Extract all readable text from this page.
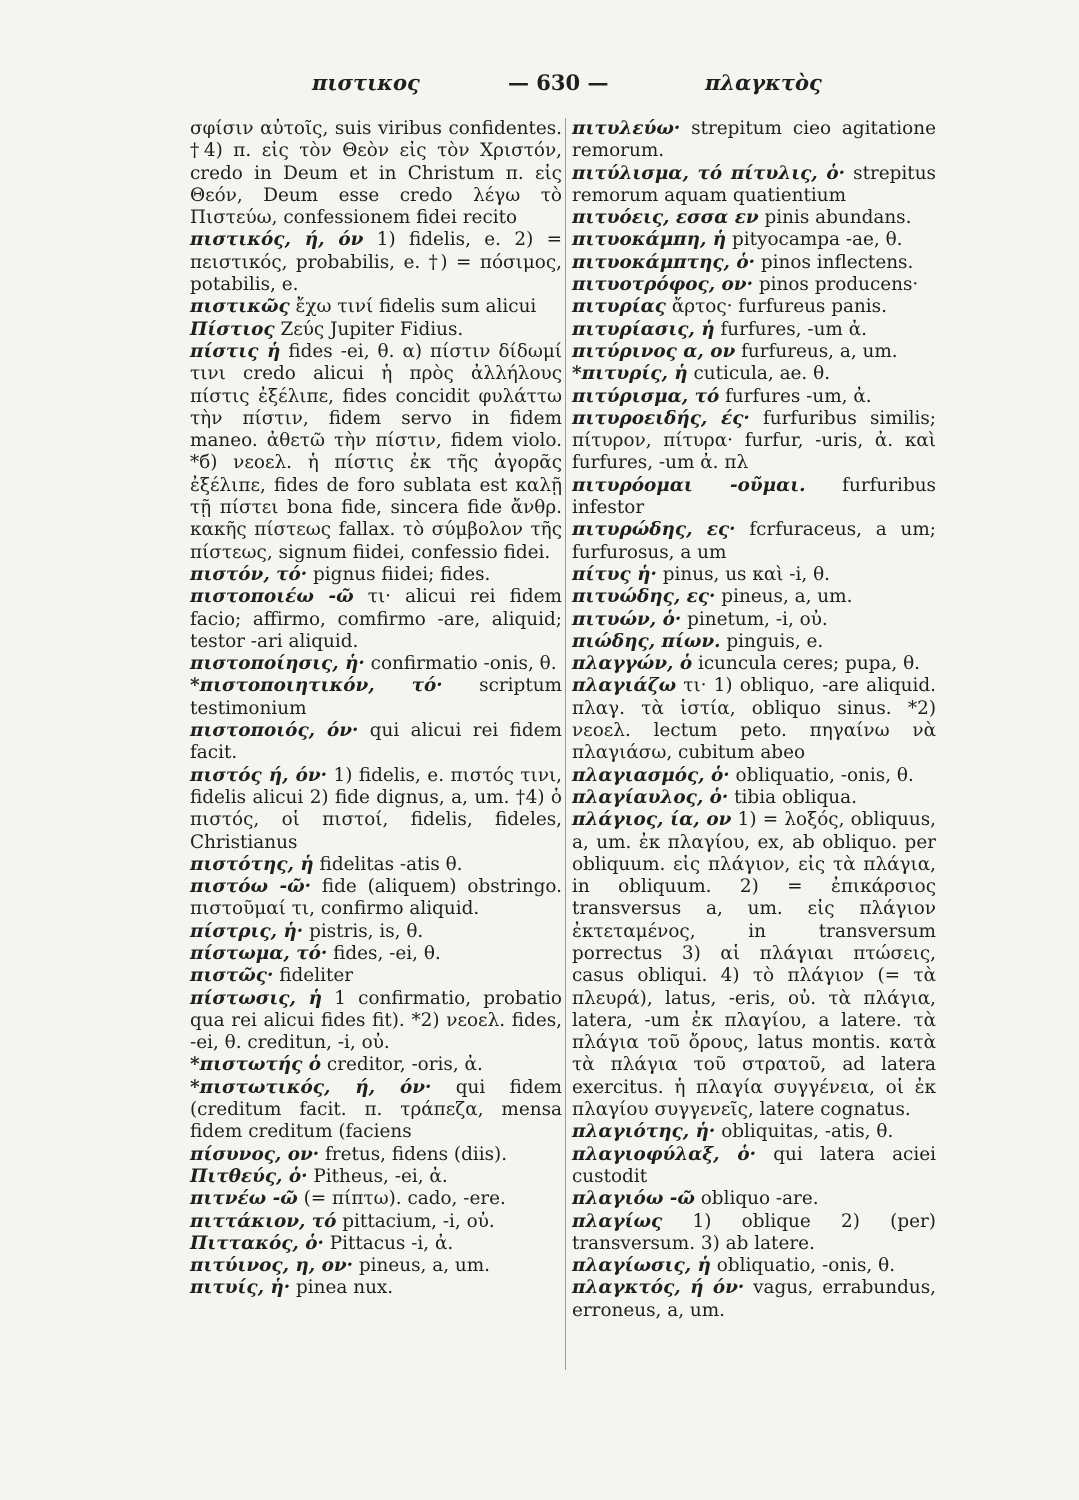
πιστικος	— 630 —	πλαγκτὸς

σφίσιν αὐτοῖς, suis viribus confidentes. †4) π. εἰς τὸν Θεὸν εἰς τὸν Χριστόν, credo in Deum et in Christum π. εἰς Θεόν, Deum esse credo λέγω τὸ Πιστεύω, confessionem fidei recito

πιστικός, ή, όν 1) fidelis, e. 2) = πειστικός, probabilis, e. †) = πόσιμος, potabilis, e.

πιστικῶς ἔχω τινί fidelis sum alicui

Πίστιος Ζεύς Jupiter Fidius.

πίστις ἡ fides -ei, θ. α) πίστιν δίδωμί τινι credo alicui ἡ πρὸς ἀλλήλους πίστις ἐξέλιπε, fides concidit φυλάττω τὴν πίστιν, fidem servo in fidem maneo. ἀθετῶ τὴν πίστιν, fidem violo. *б) νεοελ. ἡ πίστις ἐκ τῆς ἀγορᾶς ἐξέλιπε, fides de foro sublata est καλῇ τῇ πίστει bona fide, sincera fide ἄνθρ. κακῆς πίστεως fallax. τὸ σύμβολον τῆς πίστεως, signum fiidei, confessio fidei.

πιστόν, τό· pignus fiidei; fides.

πιστοποιέω -ῶ τι· alicui rei fidem facio; affirmo, comfirmo -are, aliquid; testor -ari aliquid.

πιστοποίησις, ἡ· confirmatio -onis, θ.

*πιστοποιητικόν, τό· scriptum testimonium

πιστοποιός, όν· qui alicui rei fidem facit.

πιστός ή, όν· 1) fidelis, e. πιστός τινι, fidelis alicui 2) fide dignus, a, um. †4) ὁ πιστός, οἱ πιστοί, fidelis, fideles, Christianus

πιστότης, ἡ fidelitas -atis θ.

πιστόω -ῶ· fide (aliquem) obstringo. πιστοῦμαί τι, confirmo aliquid.

πίστρις, ἡ· pistris, is, θ.

πίστωμα, τό· fides, -ei, θ.

πιστῶς· fideliter

πίστωσις, ἡ 1 confirmatio, probatio qua rei alicui fides fit). *2) νεοελ. fides, -ei, θ. creditun, -i, οὐ.

*πιστωτής ὁ creditor, -oris, ἀ.

*πιστωτικός, ή, όν· qui fidem (creditum facit. π. τράπεζα, mensa fidem creditum (faciens

πίσυνος, ον· fretus, fidens (diis).

Πιτθεύς, ὁ· Pitheus, -ei, ἀ.

πιτνέω -ῶ (= πίπτω). cado, -ere.

πιττάκιον, τό pittacium, -i, οὐ.

Πιττακός, ὁ· Pittacus -i, ἀ.

πιτύινος, η, ον· pineus, a, um.

πιτυίς, ἡ· pinea nux.

πιτυλεύω· strepitum cieo agitatione remorum.

πιτύλισμα, τό πίτυλις, ὁ· strepitus remorum aquam quatientium

πιτυόεις, εσσα εν pinis abundans.

πιτυοκάμπη, ἡ pityocampa -ae, θ.

πιτυοκάμπτης, ὁ· pinos inflectens.

πιτυοτρόφος, ον· pinos producens·

πιτυρίας ἄρτος· furfureus panis.

πιτυρίασις, ἡ furfures, -um ἀ.

πιτύρινος α, ον furfureus, a, um.

*πιτυρίς, ἡ cuticula, ae. θ.

πιτύρισμα, τό furfures -um, ἀ.

πιτυροειδής, ές· furfuribus similis; πίτυρον, πίτυρα· furfur, -uris, ἀ. καὶ furfures, -um ἀ. πλ

πιτυρόομαι -οῦμαι. furfuribus infestor

πιτυρώδης, ες· fcrfuraceus, a um; furfurosus, a um

πίτυς ἡ· pinus, us καὶ -i, θ.

πιτυώδης, ες· pineus, a, um.

πιτυών, ὁ· pinetum, -i, οὐ.

πιώδης, πίων. pinguis, e.

πλαγγών, ὁ icuncula ceres; pupa, θ.

πλαγιάζω τι· 1) obliquo, -are aliquid. πλαγ. τὰ ἱστία, obliquo sinus. *2) νεοελ. lectum peto. πηγαίνω νὰ πλαγιάσω, cubitum abeo

πλαγιασμός, ὁ· obliquatio, -onis, θ.

πλαγίαυλος, ὁ· tibia obliqua.

πλάγιος, ία, ον 1) = λοξός, obliquus, a, um. ἐκ πλαγίου, ex, ab obliquo. per obliquum. εἰς πλάγιον, εἰς τὰ πλάγια, in obliquum. 2) = ἐπικάρσιος transversus a, um. εἰς πλάγιον ἐκτεταμένος, in transversum porrectus 3) αἱ πλάγιαι πτώσεις, casus obliqui. 4) τὸ πλάγιον (= τὰ πλευρά), latus, -eris, οὐ. τὰ πλάγια, latera, -um ἐκ πλαγίου, a latere. τὰ πλάγια τοῦ ὄρους, latus montis. κατὰ τὰ πλάγια τοῦ στρατοῦ, ad latera exercitus. ἡ πλαγία συγγένεια, οἱ ἐκ πλαγίου συγγενεῖς, latere cognatus.

πλαγιότης, ἡ· obliquitas, -atis, θ.

πλαγιοφύλαξ, ὁ· qui latera aciei custodit

πλαγιόω -ῶ obliquo -are.

πλαγίως 1) oblique 2) (per) transversum. 3) ab latere.

πλαγίωσις, ἡ obliquatio, -onis, θ.

πλαγκτός, ή όν· vagus, errabundus, erroneus, a, um.
